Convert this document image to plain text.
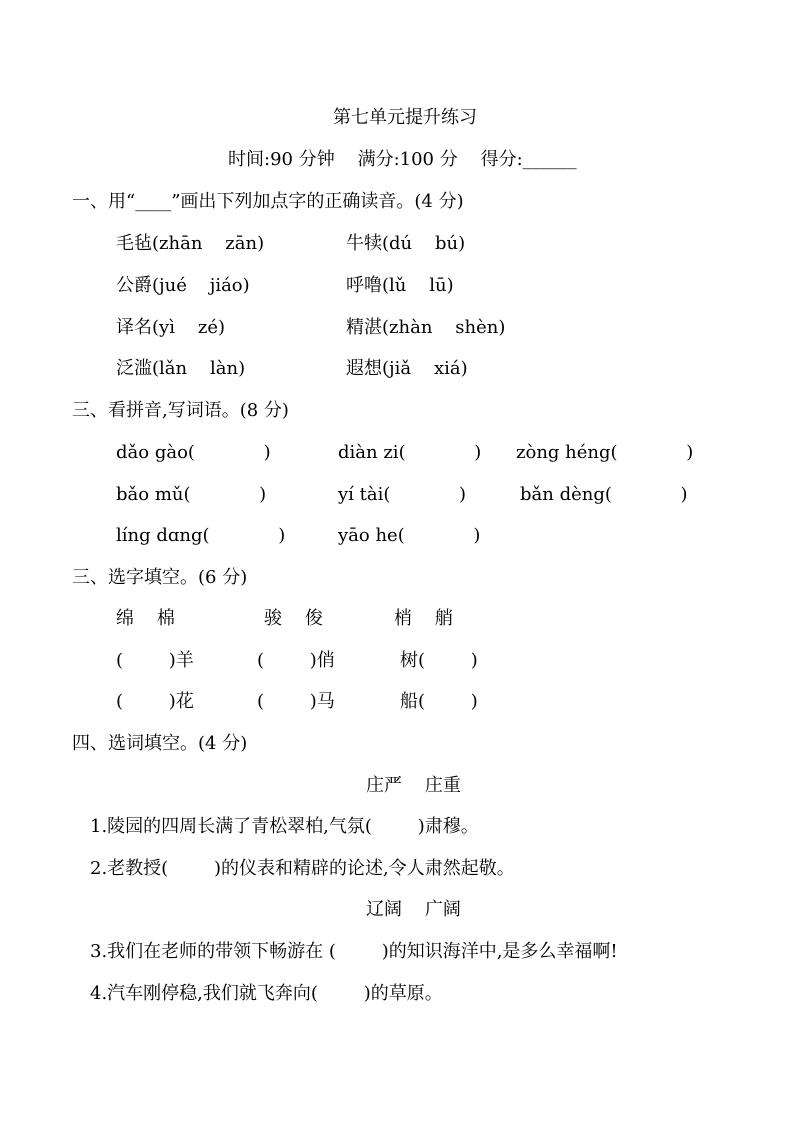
第七单元提升练习
时间:90 分钟    满分:100 分    得分:______
一、用“____”画出下列加点字的正确读音。(4 分)
毛毡(zhān    zān)	牛犊(dú    bú)
公爵(jué    jiáo)	呼噜(lǔ    lū)
译名(yì    zé)	精湛(zhàn    shèn)
泛滥(lǎn    làn)	遐想(jiǎ    xiá)
三、看拼音,写词语。(8 分)
dǎo gào(            )	diàn zi(            ) zòng héng(            )
bǎo mǔ(            )	yí tài(            )	bǎn dèng(            )
líng dɑng(            )	yāo he(            )
三、选字填空。(6 分)
绵    棉	骏    俊	梢    艄
(        )羊	(        )俏	树(        )
(        )花	(        )马	船(        )
四、选词填空。(4 分)
庄严    庄重
1.陵园的四周长满了青松翠柏,气氛(        )肃穆。
2.老教授(        )的仪表和精辟的论述,令人肃然起敬。
辽阔    广阔
3.我们在老师的带领下畅游在 (        )的知识海洋中,是多么幸福啊!
4.汽车刚停稳,我们就飞奔向(        )的草原。
